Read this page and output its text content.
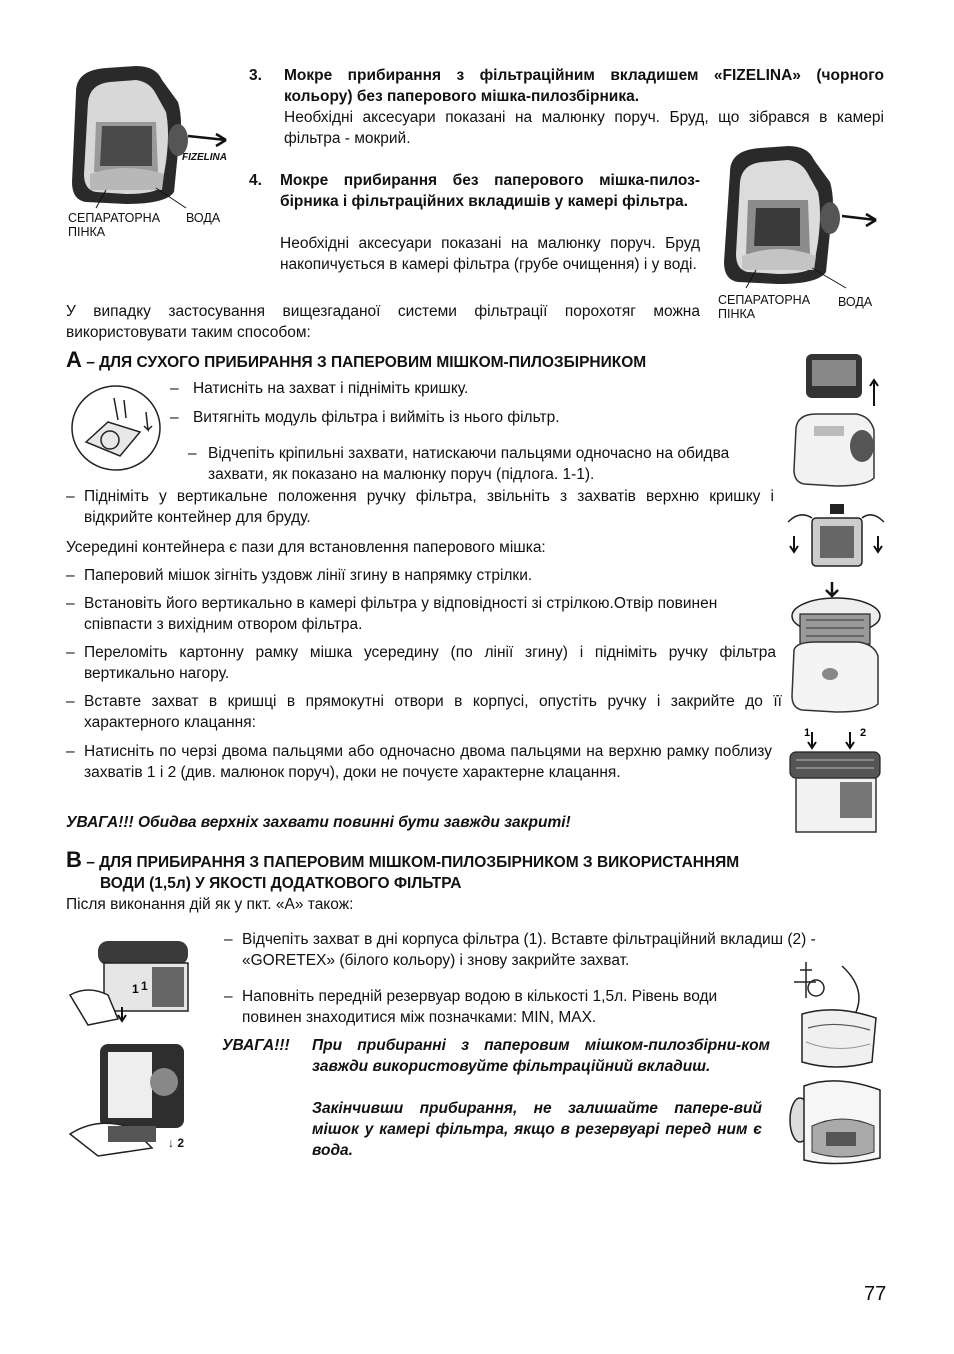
FIZELINA
СЕПАРАТОРНА ПІНКА
ВОДА
3. Мокре прибирання з фільтраційним вкладишем «FIZELINA» (чорного кольору) без паперового мішка-пилозбірника.
Необхідні аксесуари показані на малюнку поруч. Бруд, що зібрався в камері фільтра - мокрий.
4. Мокре прибирання без паперового мішка-пилоз-бірника і фільтраційних вкладишів у камері фільтра.
Необхідні аксесуари показані на малюнку поруч. Бруд накопичується в камері фільтра (грубе очищення) і у воді.
СЕПАРАТОРНА ПІНКА
ВОДА
У випадку застосування вищезгаданої системи фільтрації порохотяг можна використовувати таким способом:
A – ДЛЯ СУХОГО ПРИБИРАННЯ З ПАПЕРОВИМ МІШКОМ-ПИЛОЗБІРНИКОМ
– Натисніть на захват і підніміть кришку.
– Витягніть модуль фільтра і вийміть із нього фільтр.
– Відчепіть кріпильні захвати, натискаючи пальцями одночасно на обидва захвати, як показано на малюнку поруч (підлога. 1-1).
– Підніміть у вертикальне положення ручку фільтра, звільніть з захватів верхню кришку і відкрийте контейнер для бруду.
Усередині контейнера є пази для встановлення паперового мішка:
– Паперовий мішок зігніть уздовж лінії згину в напрямку стрілки.
– Встановіть його вертикально в камері фільтра у відповідності зі стрілкою.Отвір повинен співпасти з вихідним отвором фільтра.
– Переломіть картонну рамку мішка усередину (по лінії згину) і підніміть ручку фільтра вертикально нагору.
– Вставте захват в кришці в прямокутні отвори в корпусі, опустіть ручку і закрийте до її характерного клацання:
– Натисніть по черзі двома пальцями або одночасно двома пальцями на верхню рамку поблизу захватів 1 і 2 (див. малюнок поруч), доки не почуєте характерне клацання.
УВАГА!!! Обидва верхніх захвати повинні бути завжди закриті!
1	2
B – ДЛЯ ПРИБИРАННЯ З ПАПЕРОВИМ МІШКОМ-ПИЛОЗБІРНИКОМ З ВИКОРИСТАННЯМ
ВОДИ (1,5л) У ЯКОСТІ ДОДАТКОВОГО ФІЛЬТРА
Після виконання дій як у пкт. «A» також:
1 1
↓ 2
– Відчепіть захват в дні корпуса фільтра (1). Вставте фільтраційний вкладиш (2) - «GORETEX» (білого кольору) і знову закрийте захват.
– Наповніть передній резервуар водою в кількості 1,5л. Рівень води повинен знаходитися між позначками: MIN, MAX.
УВАГА!!! При прибиранні з паперовим мішком-пилозбірни-ком завжди використовуйте фільтраційний вкладиш.
Закінчивши прибирання, не залишайте папере-вий мішок у камері фільтра, якщо в резервуарі перед ним є вода.
77
